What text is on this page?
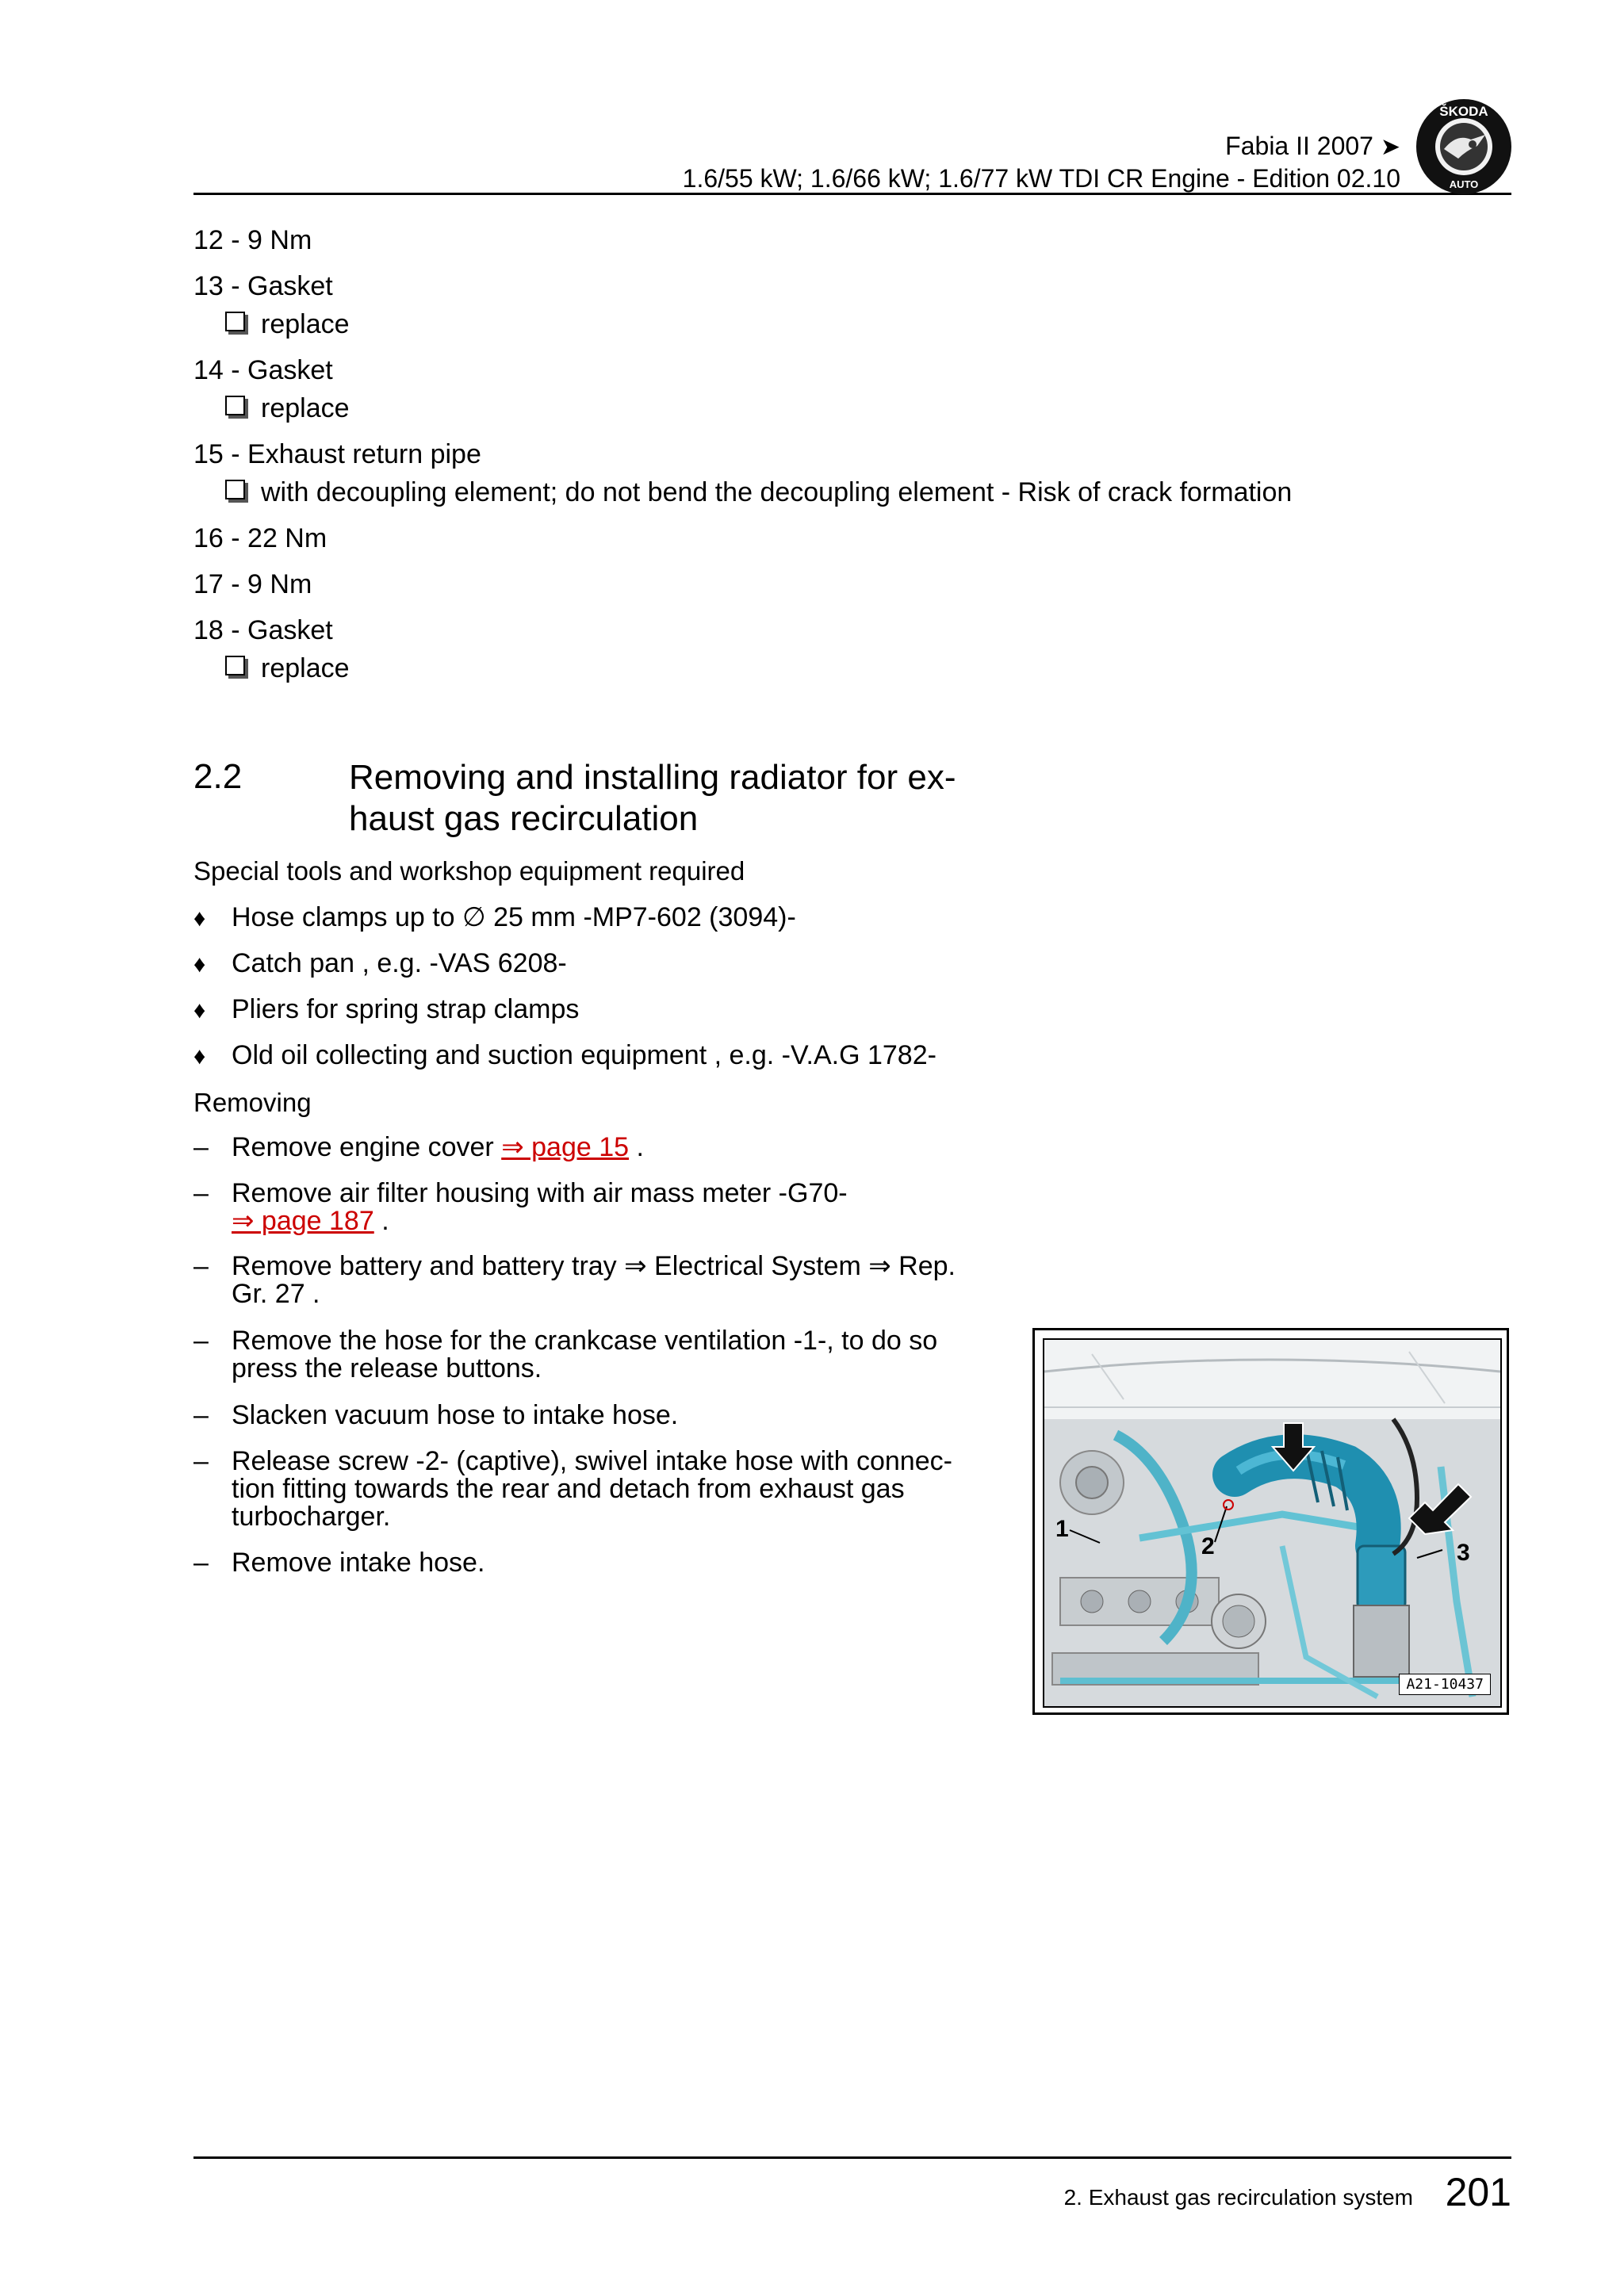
Fabia II 2007 ➤
1.6/55 kW; 1.6/66 kW; 1.6/77 kW TDI CR Engine - Edition 02.10
ŠKODA
AUTO
12 - 9 Nm
13 - Gasket
replace
14 - Gasket
replace
15 - Exhaust return pipe
with decoupling element; do not bend the decoupling element - Risk of crack formation
16 - 22 Nm
17 - 9 Nm
18 - Gasket
replace
2.2	Removing and installing radiator for ex-
haust gas recirculation
Special tools and workshop equipment required
♦ Hose clamps up to ∅ 25 mm -MP7-602 (3094)-
♦ Catch pan , e.g. -VAS 6208-
♦ Pliers for spring strap clamps
♦ Old oil collecting and suction equipment , e.g. -V.A.G 1782-
Removing
– Remove engine cover ⇒ page 15 .
– Remove air filter housing with air mass meter -G70-
⇒ page 187 .
– Remove battery and battery tray ⇒ Electrical System ⇒ Rep.
Gr. 27 .
– Remove the hose for the crankcase ventilation -1-, to do so
press the release buttons.
– Slacken vacuum hose to intake hose.
– Release screw -2- (captive), swivel intake hose with connec-
tion fitting towards the rear and detach from exhaust gas
turbocharger.
– Remove intake hose.
1
2	3
A21-10437
2. Exhaust gas recirculation system 201
